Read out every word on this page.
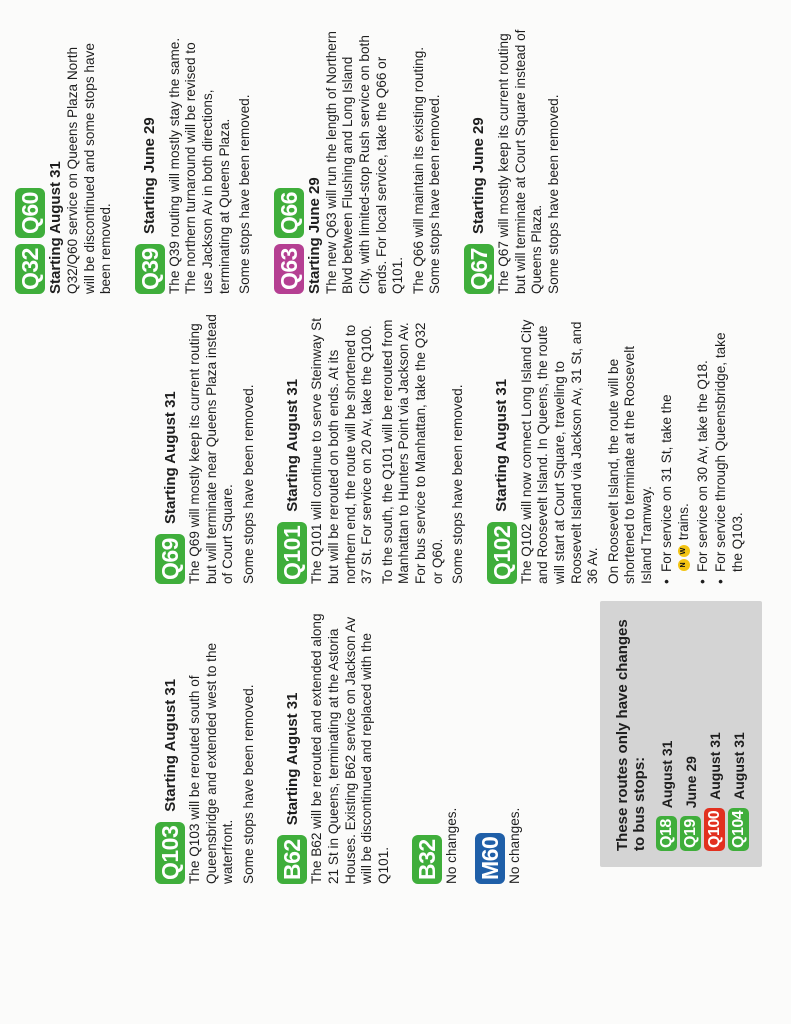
Q32
Q60 Starting August 31 Q32/Q60 service on Queens Plaza North will be discontinued and some stops have been removed. Q39
Starting June 29 The Q39 routing will mostly stay the same. The northern turnaround will be revised to use Jackson Av in both directions, terminating at Queens Plaza. Some stops have been removed. Q63
Q66 Starting June 29 The new Q63 will run the length of Northern Blvd between Flushing and Long Island City, with limited-stop Rush service on both ends. For local service, take the Q66 or Q101. The Q66 will maintain its existing routing. Some stops have been removed. Q67
Starting June 29 The Q67 will mostly keep its current routing but will terminate at Court Square instead of Queens Plaza. Some stops have been removed.

Q69
Starting August 31 The Q69 will mostly keep its current routing but will terminate near Queens Plaza instead of Court Square. Some stops have been removed. Q101
Starting August 31 The Q101 will continue to serve Steinway St but will be rerouted on both ends. At its northern end, the route will be shortened to 37 St. For service on 20 Av, take the Q100. To the south, the Q101 will be rerouted from Manhattan to Hunters Point via Jackson Av. For bus service to Manhattan, take the Q32 or Q60. Some stops have been removed. Q102
Starting August 31 The Q102 will now connect Long Island City and Roosevelt Island. In Queens, the route will start at Court Square, traveling to Roosevelt Island via Jackson Av, 31 St, and 36 Av. On Roosevelt Island, the route will be shortened to terminate at the Roosevelt Island Tramway. • For service on 31 St, take the NW trains. • For service on 30 Av, take the Q18. • For service through Queensbridge, take the Q103.
Q103
Starting August 31 The Q103 will be rerouted south of Queensbridge and extended west to the waterfront. Some stops have been removed. B62
Starting August 31 The B62 will be rerouted and extended along 21 St in Queens, terminating at the Astoria Houses. Existing B62 service on Jackson Av will be discontinued and replaced with the Q101. B32 No changes. M60 No changes.	These routes only have changes to bus stops: Q18
August 31
Q19
June 29
Q100
August 31
Q104
August 31
